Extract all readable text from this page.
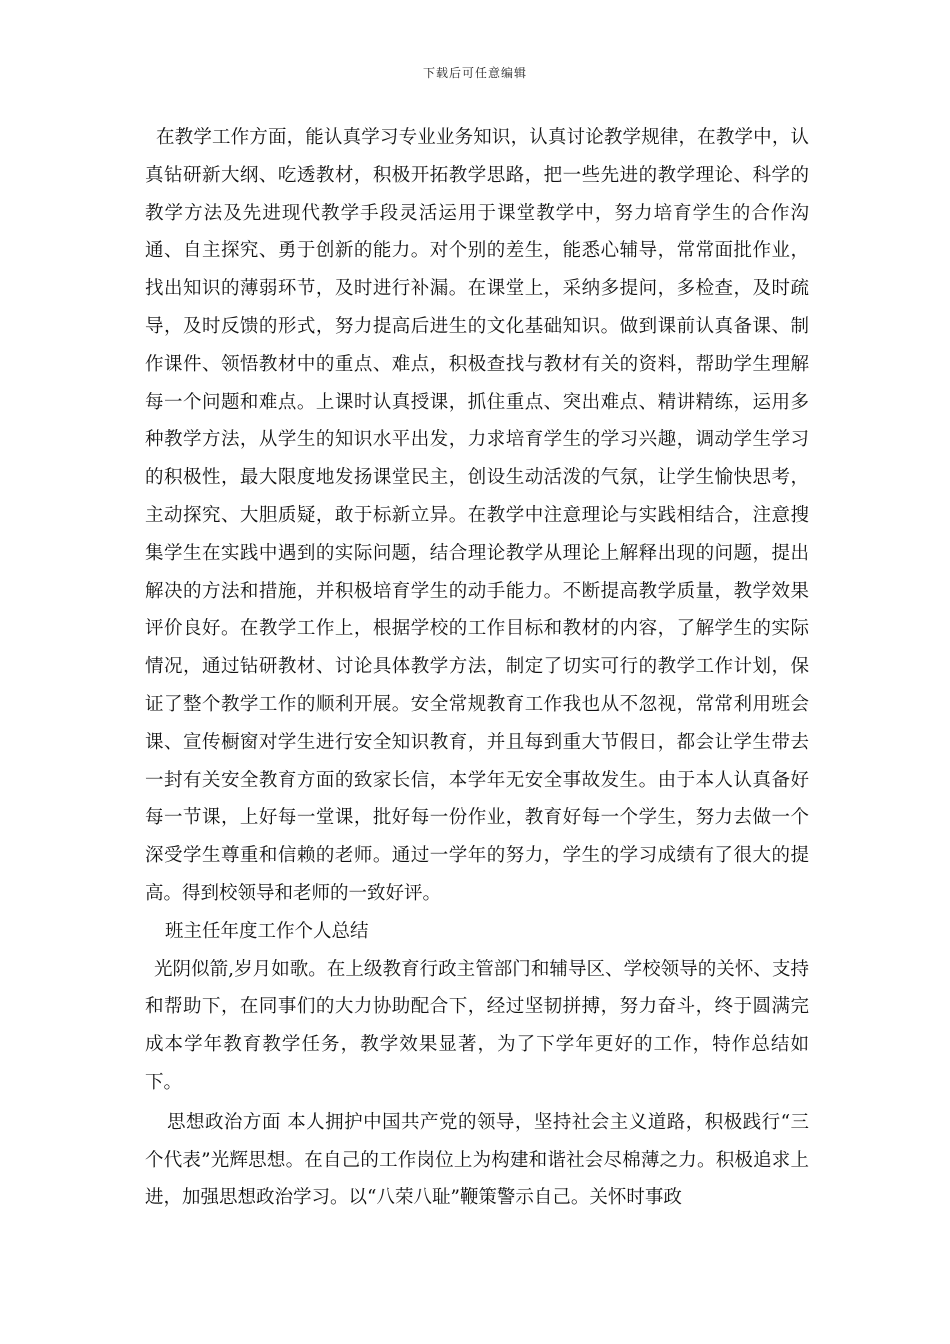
下载后可任意编辑

在教学工作方面，能认真学习专业业务知识，认真讨论教学规律，在教学中，认真钻研新大纲、吃透教材，积极开拓教学思路，把一些先进的教学理论、科学的教学方法及先进现代教学手段灵活运用于课堂教学中，努力培育学生的合作沟通、自主探究、勇于创新的能力。对个别的差生，能悉心辅导，常常面批作业，找出知识的薄弱环节，及时进行补漏。在课堂上，采纳多提问，多检查，及时疏导，及时反馈的形式，努力提高后进生的文化基础知识。做到课前认真备课、制作课件、领悟教材中的重点、难点，积极查找与教材有关的资料，帮助学生理解每一个问题和难点。上课时认真授课，抓住重点、突出难点、精讲精练，运用多种教学方法，从学生的知识水平出发，力求培育学生的学习兴趣，调动学生学习的积极性，最大限度地发扬课堂民主，创设生动活泼的气氛，让学生愉快思考，主动探究、大胆质疑，敢于标新立异。在教学中注意理论与实践相结合，注意搜集学生在实践中遇到的实际问题，结合理论教学从理论上解释出现的问题，提出解决的方法和措施，并积极培育学生的动手能力。不断提高教学质量，教学效果　评价良好。在教学工作上，根据学校的工作目标和教材的内容，了解学生的实际情况，通过钻研教材、讨论具体教学方法，制定了切实可行的教学工作计划，保证了整个教学工作的顺利开展。安全常规教育工作我也从不忽视，常常利用班会课、宣传橱窗对学生进行安全知识教育，并且每到重大节假日，都会让学生带去一封有关安全教育方面的致家长信，本学年无安全事故发生。由于本人认真备好每一节课，上好每一堂课，批好每一份作业，教育好每一个学生，努力去做一个深受学生尊重和信赖的老师。通过一学年的努力，学生的学习成绩有了很大的提高。得到校领导和老师的一致好评。

班主任年度工作个人总结

光阴似箭,岁月如歌。在上级教育行政主管部门和辅导区、学校领导的关怀、支持和帮助下，在同事们的大力协助配合下，经过坚韧拼搏，努力奋斗，终于圆满完成本学年教育教学任务，教学效果显著，为了下学年更好的工作，特作总结如下。

思想政治方面 本人拥护中国共产党的领导，坚持社会主义道路，积极践行“三个代表”光辉思想。在自己的工作岗位上为构建和谐社会尽棉薄之力。积极追求上进，加强思想政治学习。以“八荣八耻”鞭策警示自己。关怀时事政
